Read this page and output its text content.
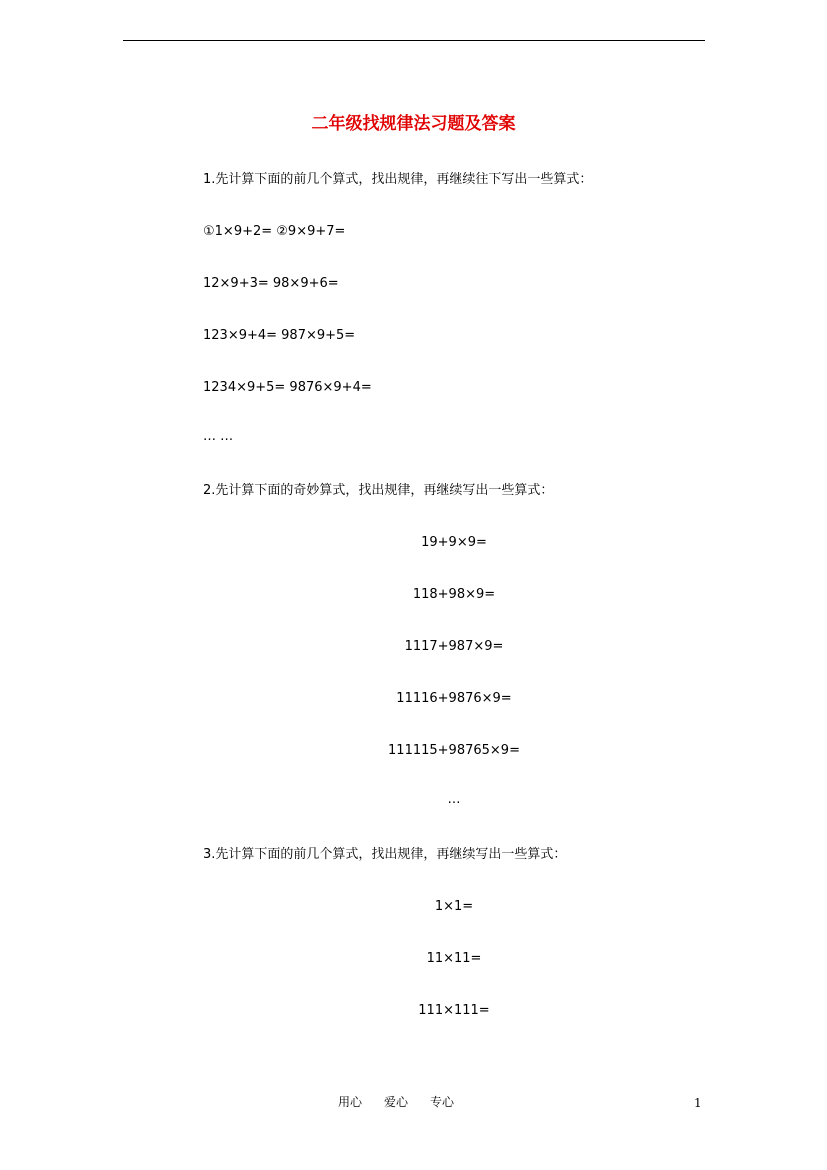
二年级找规律法习题及答案

1.先计算下面的前几个算式，找出规律，再继续往下写出一些算式：

①1×9+2= ②9×9+7=

12×9+3= 98×9+6=

123×9+4= 987×9+5=

1234×9+5= 9876×9+4=

… …

2.先计算下面的奇妙算式，找出规律，再继续写出一些算式：

19+9×9=

118+98×9=

1117+987×9=

11116+9876×9=

111115+98765×9=

…

3.先计算下面的前几个算式，找出规律，再继续写出一些算式：

1×1=

11×11=

111×111=

用心 爱心 专心	1
